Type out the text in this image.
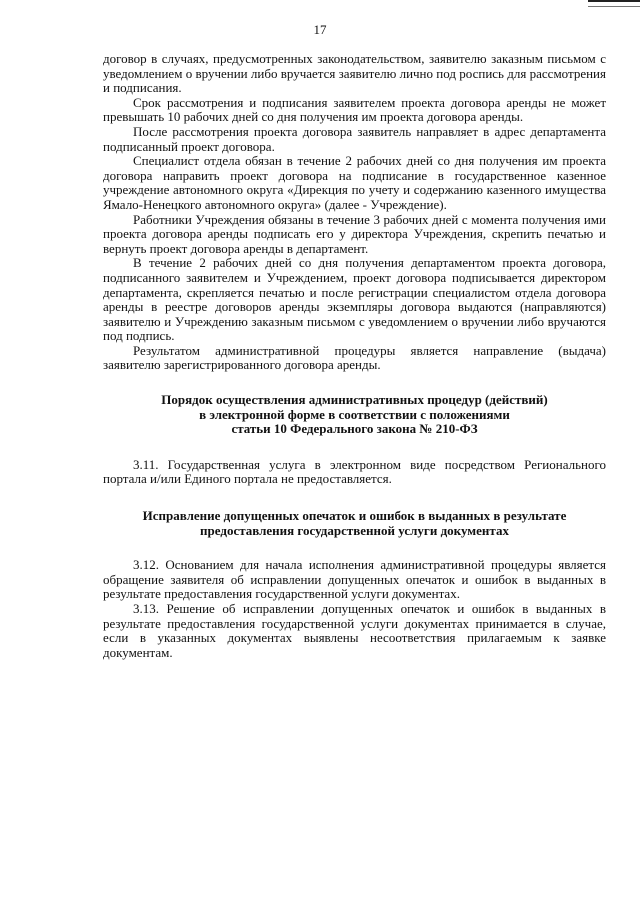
17

договор в случаях, предусмотренных законодательством, заявителю заказным письмом с уведомлением о вручении либо вручается заявителю лично под роспись для рассмотрения и подписания.

Срок рассмотрения и подписания заявителем проекта договора аренды не может превышать 10 рабочих дней со дня получения им проекта договора аренды.

После рассмотрения проекта договора заявитель направляет в адрес департамента подписанный проект договора.

Специалист отдела обязан в течение 2 рабочих дней со дня получения им проекта договора направить проект договора на подписание в государственное казенное учреждение автономного округа «Дирекция по учету и содержанию казенного имущества Ямало-Ненецкого автономного округа» (далее - Учреждение).

Работники Учреждения обязаны в течение 3 рабочих дней с момента получения ими проекта договора аренды подписать его у директора Учреждения, скрепить печатью и вернуть проект договора аренды в департамент.

В течение 2 рабочих дней со дня получения департаментом проекта договора, подписанного заявителем и Учреждением, проект договора подписывается директором департамента, скрепляется печатью и после регистрации специалистом отдела договора аренды в реестре договоров аренды экземпляры договора выдаются (направляются) заявителю и Учреждению заказным письмом с уведомлением о вручении либо вручаются под подпись.

Результатом административной процедуры является направление (выдача) заявителю зарегистрированного договора аренды.

Порядок осуществления административных процедур (действий)

в электронной форме в соответствии с положениями

статьи 10 Федерального закона № 210-ФЗ

3.11. Государственная услуга в электронном виде посредством Регионального портала и/или Единого портала не предоставляется.

Исправление допущенных опечаток и ошибок в выданных в результате

предоставления государственной услуги документах

3.12. Основанием для начала исполнения административной процедуры является обращение заявителя об исправлении допущенных опечаток и ошибок в выданных в результате предоставления государственной услуги документах.

3.13. Решение об исправлении допущенных опечаток и ошибок в выданных в результате предоставления государственной услуги документах принимается в случае, если в указанных документах выявлены несоответствия прилагаемым к заявке документам.
